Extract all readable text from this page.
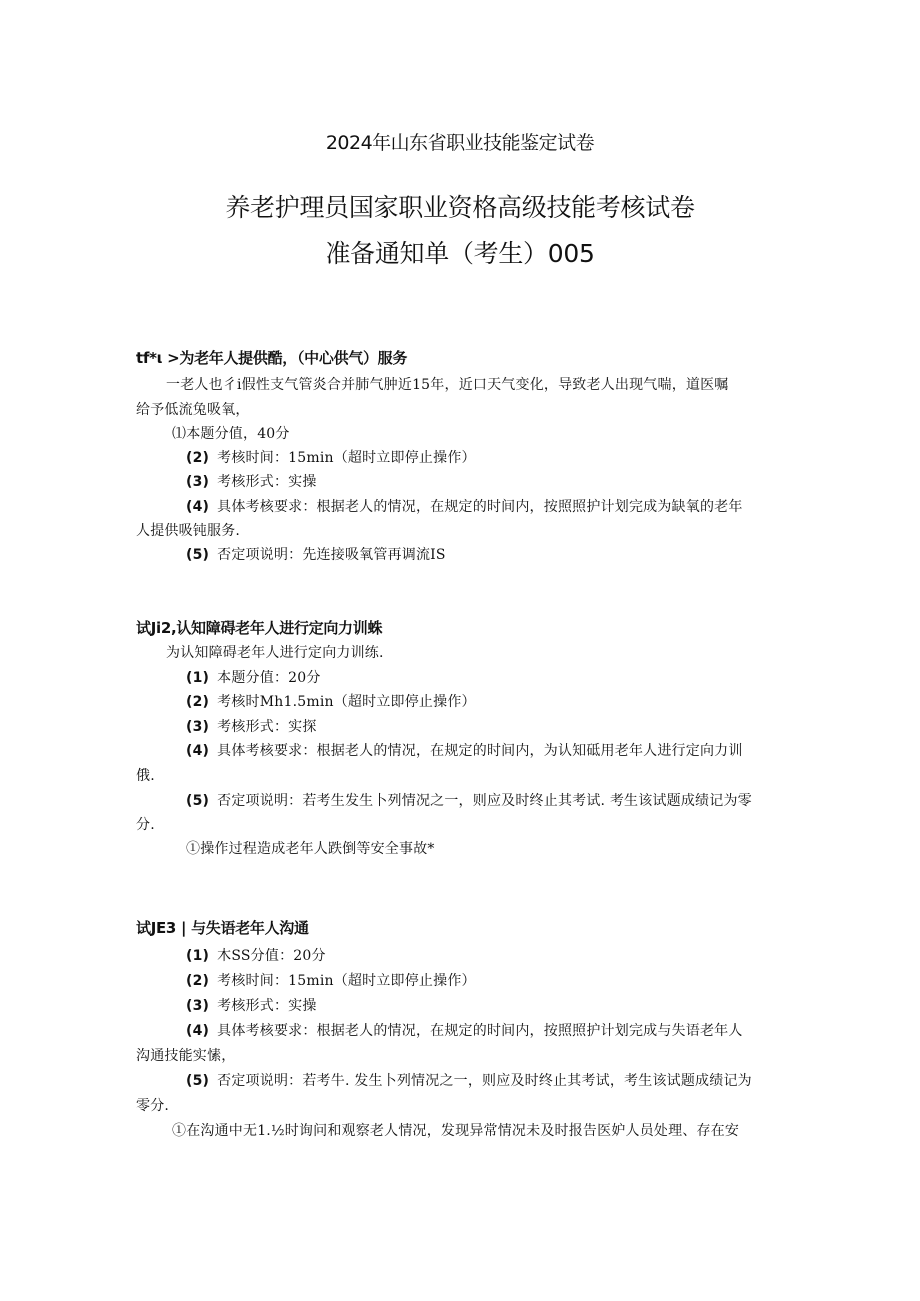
2024年山东省职业技能鉴定试卷
养老护理员国家职业资格高级技能考核试卷
准备通知单（考生）005
tf*ι >为老年人提供酷，（中心供气）服务
一老人也彳i假性支气管炎合并肺气肿近15年，近口天气变化，导致老人出现气喘，道医嘱
给予低流兔吸氧，
⑴本题分值，40分
(2) 考核时间：15min（超时立即停止操作）
(3) 考核形式：实操
(4) 具体考核要求：根据老人的情况，在规定的时间内，按照照护计划完成为缺氧的老年
人提供吸钝服务.
(5) 否定项说明：先连接吸氧管再调流IS
试Ji2,认知障碍老年人进行定向力训蛛
为认知障碍老年人进行定向力训练.
(1) 本题分值：20分
(2) 考核时Mh1.5min（超时立即停止操作）
(3) 考核形式：实探
(4) 具体考核要求：根据老人的情况，在规定的时间内，为认知砥用老年人进行定向力训
俄.
(5) 否定项说明：若考生发生卜列情况之一，则应及时终止其考试. 考生该试题成绩记为零
分.
①操作过程造成老年人跌倒等安全事故*
试JE3 | 与失语老年人沟通
(1) 木SS分值：20分
(2) 考核时间：15min（超时立即停止操作）
(3) 考核形式：实操
(4) 具体考核要求：根据老人的情况，在规定的时间内，按照照护计划完成与失语老年人
沟通技能实愫，
(5) 否定项说明：若考牛. 发生卜列情况之一，则应及时终止其考试，考生该试题成绩记为
零分.
①在沟通中无1.½时询问和观察老人情况，发现异常情况未及时报告医妒人员处理、存在安
